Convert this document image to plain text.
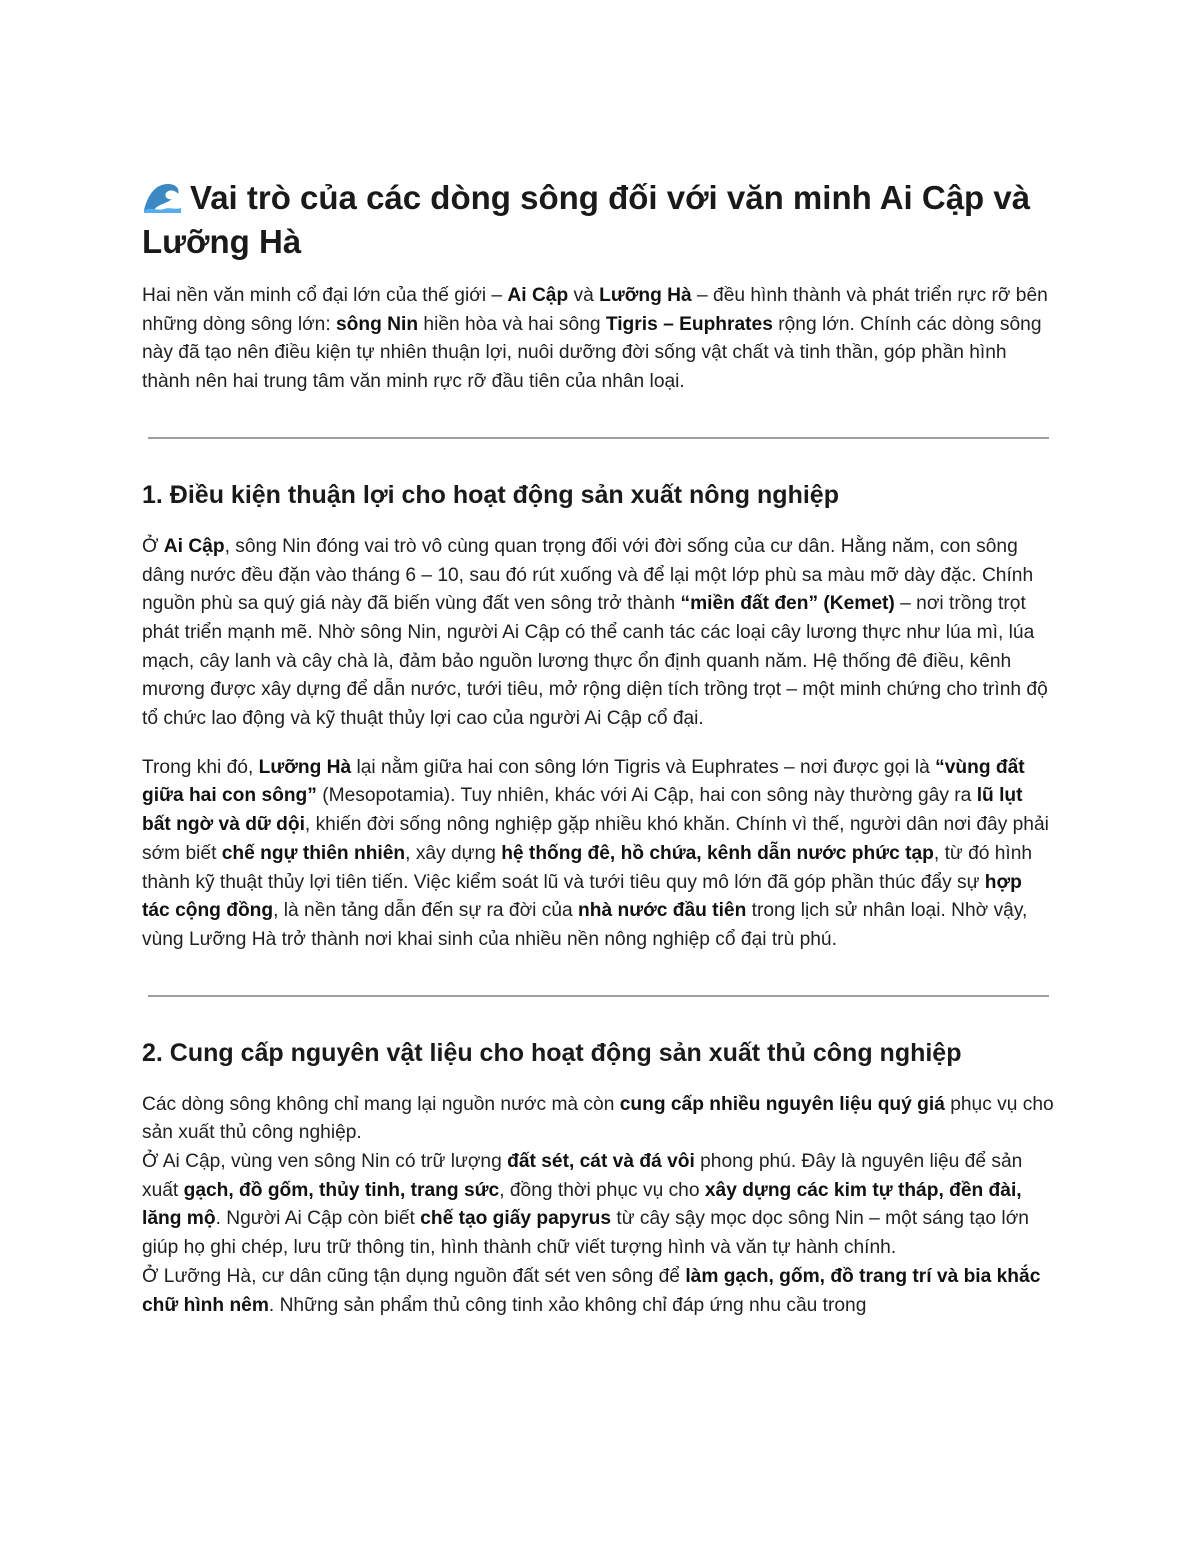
Vai trò của các dòng sông đối với văn minh Ai Cập và Lưỡng Hà

Hai nền văn minh cổ đại lớn của thế giới – Ai Cập và Lưỡng Hà – đều hình thành và phát triển rực rỡ bên những dòng sông lớn: sông Nin hiền hòa và hai sông Tigris – Euphrates rộng lớn. Chính các dòng sông này đã tạo nên điều kiện tự nhiên thuận lợi, nuôi dưỡng đời sống vật chất và tinh thần, góp phần hình thành nên hai trung tâm văn minh rực rỡ đầu tiên của nhân loại.

1. Điều kiện thuận lợi cho hoạt động sản xuất nông nghiệp

Ở Ai Cập, sông Nin đóng vai trò vô cùng quan trọng đối với đời sống của cư dân. Hằng năm, con sông dâng nước đều đặn vào tháng 6 – 10, sau đó rút xuống và để lại một lớp phù sa màu mỡ dày đặc. Chính nguồn phù sa quý giá này đã biến vùng đất ven sông trở thành “miền đất đen” (Kemet) – nơi trồng trọt phát triển mạnh mẽ. Nhờ sông Nin, người Ai Cập có thể canh tác các loại cây lương thực như lúa mì, lúa mạch, cây lanh và cây chà là, đảm bảo nguồn lương thực ổn định quanh năm. Hệ thống đê điều, kênh mương được xây dựng để dẫn nước, tưới tiêu, mở rộng diện tích trồng trọt – một minh chứng cho trình độ tổ chức lao động và kỹ thuật thủy lợi cao của người Ai Cập cổ đại.

Trong khi đó, Lưỡng Hà lại nằm giữa hai con sông lớn Tigris và Euphrates – nơi được gọi là “vùng đất giữa hai con sông” (Mesopotamia). Tuy nhiên, khác với Ai Cập, hai con sông này thường gây ra lũ lụt bất ngờ và dữ dội, khiến đời sống nông nghiệp gặp nhiều khó khăn. Chính vì thế, người dân nơi đây phải sớm biết chế ngự thiên nhiên, xây dựng hệ thống đê, hồ chứa, kênh dẫn nước phức tạp, từ đó hình thành kỹ thuật thủy lợi tiên tiến. Việc kiểm soát lũ và tưới tiêu quy mô lớn đã góp phần thúc đẩy sự hợp tác cộng đồng, là nền tảng dẫn đến sự ra đời của nhà nước đầu tiên trong lịch sử nhân loại. Nhờ vậy, vùng Lưỡng Hà trở thành nơi khai sinh của nhiều nền nông nghiệp cổ đại trù phú.

2. Cung cấp nguyên vật liệu cho hoạt động sản xuất thủ công nghiệp

Các dòng sông không chỉ mang lại nguồn nước mà còn cung cấp nhiều nguyên liệu quý giá phục vụ cho sản xuất thủ công nghiệp.
Ở Ai Cập, vùng ven sông Nin có trữ lượng đất sét, cát và đá vôi phong phú. Đây là nguyên liệu để sản xuất gạch, đồ gốm, thủy tinh, trang sức, đồng thời phục vụ cho xây dựng các kim tự tháp, đền đài, lăng mộ. Người Ai Cập còn biết chế tạo giấy papyrus từ cây sậy mọc dọc sông Nin – một sáng tạo lớn giúp họ ghi chép, lưu trữ thông tin, hình thành chữ viết tượng hình và văn tự hành chính.
Ở Lưỡng Hà, cư dân cũng tận dụng nguồn đất sét ven sông để làm gạch, gốm, đồ trang trí và bia khắc chữ hình nêm. Những sản phẩm thủ công tinh xảo không chỉ đáp ứng nhu cầu trong
